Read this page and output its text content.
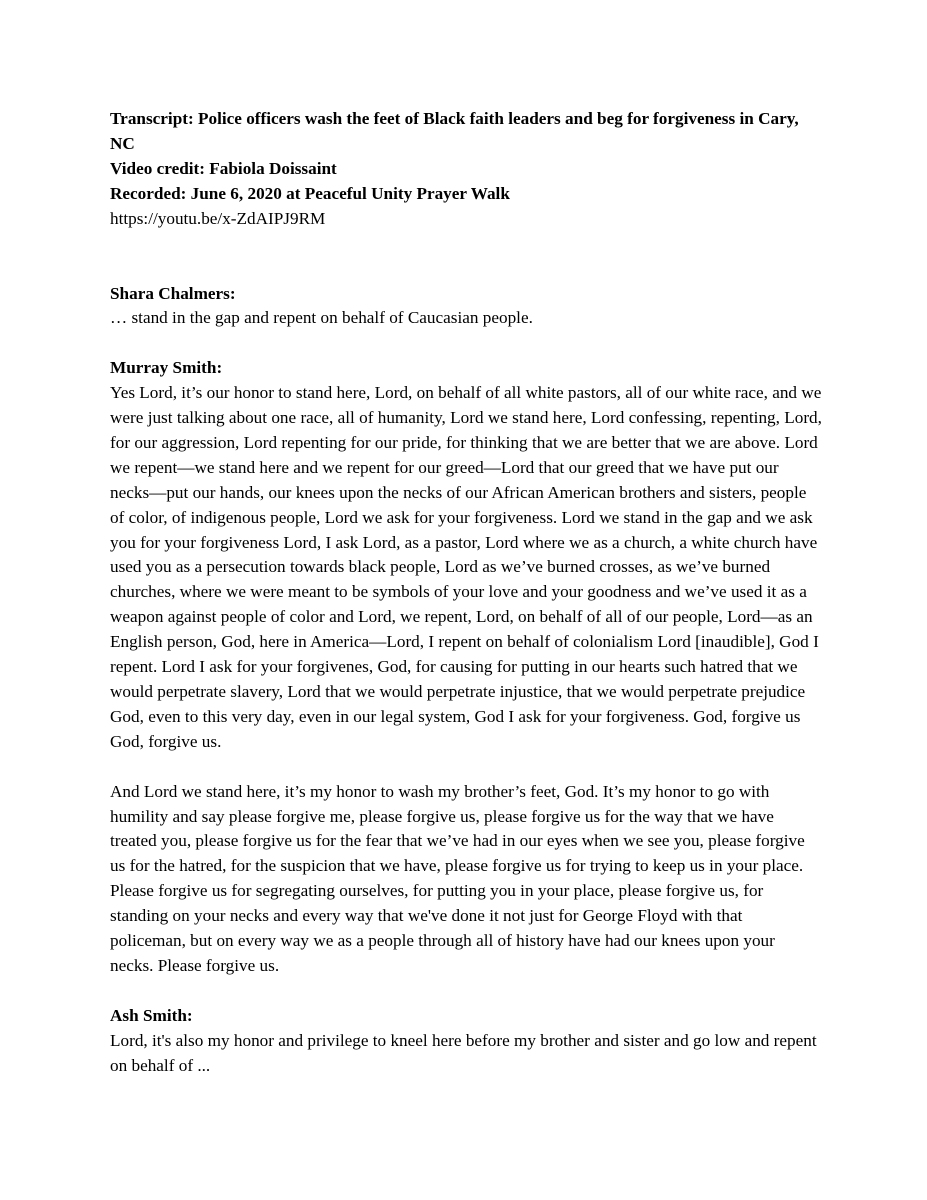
Transcript: Police officers wash the feet of Black faith leaders and beg for forgiveness in Cary, NC
Video credit: Fabiola Doissaint
Recorded: June 6, 2020 at Peaceful Unity Prayer Walk
https://youtu.be/x-ZdAIPJ9RM
Shara Chalmers:

… stand in the gap and repent on behalf of Caucasian people.

Murray Smith:

Yes Lord, it’s our honor to stand here, Lord, on behalf of all white pastors, all of our white race, and we were just talking about one race, all of humanity, Lord we stand here, Lord confessing, repenting, Lord, for our aggression, Lord repenting for our pride, for thinking that we are better that we are above. Lord we repent—we stand here and we repent for our greed—Lord that our greed that we have put our necks—put our hands, our knees upon the necks of our African American brothers and sisters, people of color, of indigenous people, Lord we ask for your forgiveness. Lord we stand in the gap and we ask you for your forgiveness Lord, I ask Lord, as a pastor, Lord where we as a church, a white church have used you as a persecution towards black people, Lord as we’ve burned crosses, as we’ve burned churches, where we were meant to be symbols of your love and your goodness and we’ve used it as a weapon against people of color and Lord, we repent, Lord, on behalf of all of our people, Lord—as an English person, God, here in America—Lord, I repent on behalf of colonialism Lord [inaudible], God I repent. Lord I ask for your forgivenes, God, for causing for putting in our hearts such hatred that we would perpetrate slavery, Lord that we would perpetrate injustice, that we would perpetrate prejudice God, even to this very day, even in our legal system, God I ask for your forgiveness. God, forgive us God, forgive us.

And Lord we stand here, it’s my honor to wash my brother’s feet, God. It’s my honor to go with humility and say please forgive me, please forgive us, please forgive us for the way that we have treated you, please forgive us for the fear that we’ve had in our eyes when we see you, please forgive us for the hatred, for the suspicion that we have, please forgive us for trying to keep us in your place. Please forgive us for segregating ourselves, for putting you in your place, please forgive us, for standing on your necks and every way that we've done it not just for George Floyd with that policeman, but on every way we as a people through all of history have had our knees upon your necks. Please forgive us.

Ash Smith:

Lord, it's also my honor and privilege to kneel here before my brother and sister and go low and repent on behalf of ...
